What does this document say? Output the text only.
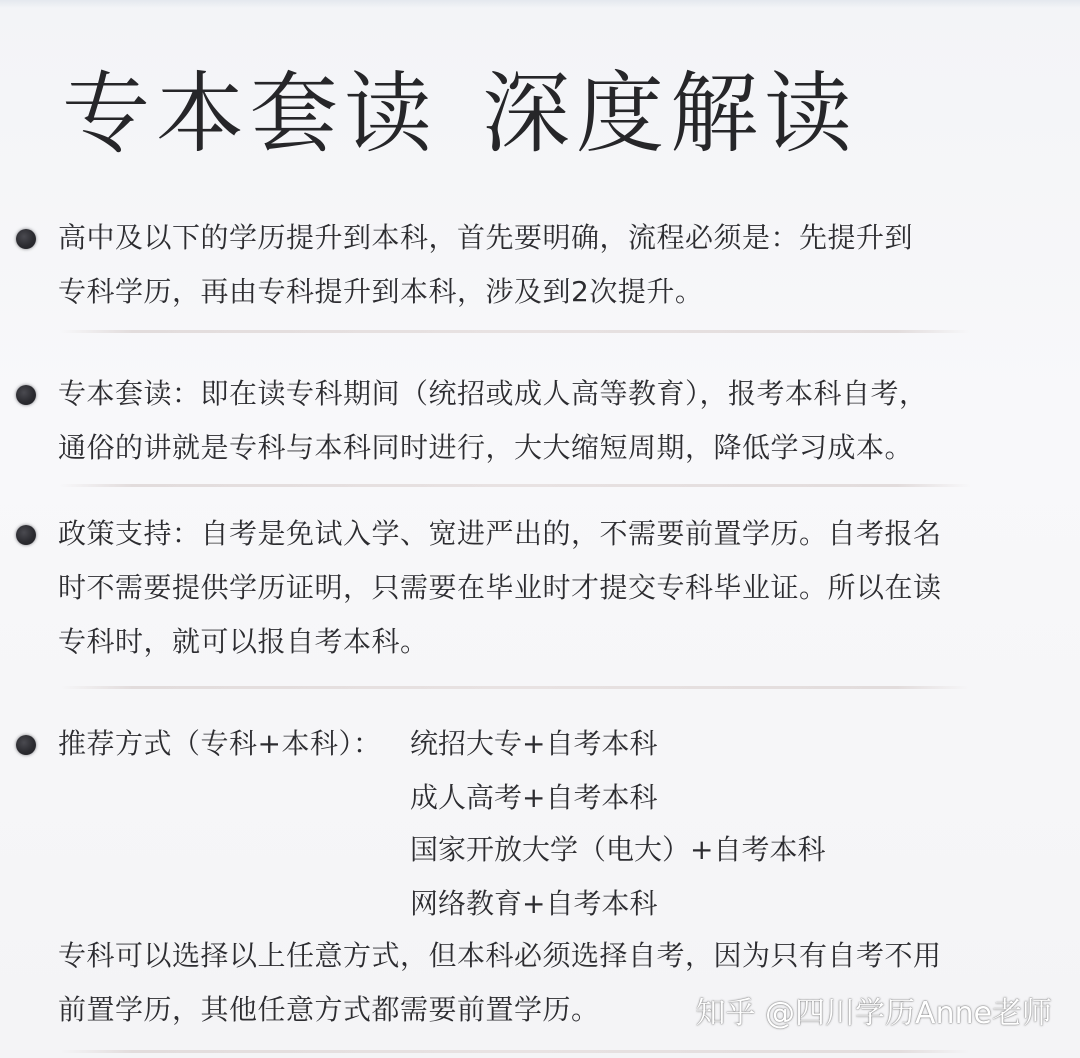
专本套读 深度解读
高中及以下的学历提升到本科，首先要明确，流程必须是：先提升到
专科学历，再由专科提升到本科，涉及到2次提升。
专本套读：即在读专科期间（统招或成人高等教育），报考本科自考，
通俗的讲就是专科与本科同时进行，大大缩短周期，降低学习成本。
政策支持：自考是免试入学、宽进严出的，不需要前置学历。自考报名
时不需要提供学历证明，只需要在毕业时才提交专科毕业证。所以在读
专科时，就可以报自考本科。
推荐方式（专科+本科）： 统招大专+自考本科
成人高考+自考本科
国家开放大学（电大）+自考本科
网络教育+自考本科
专科可以选择以上任意方式，但本科必须选择自考，因为只有自考不用
前置学历，其他任意方式都需要前置学历。	知乎 @四川学历Anne老师
